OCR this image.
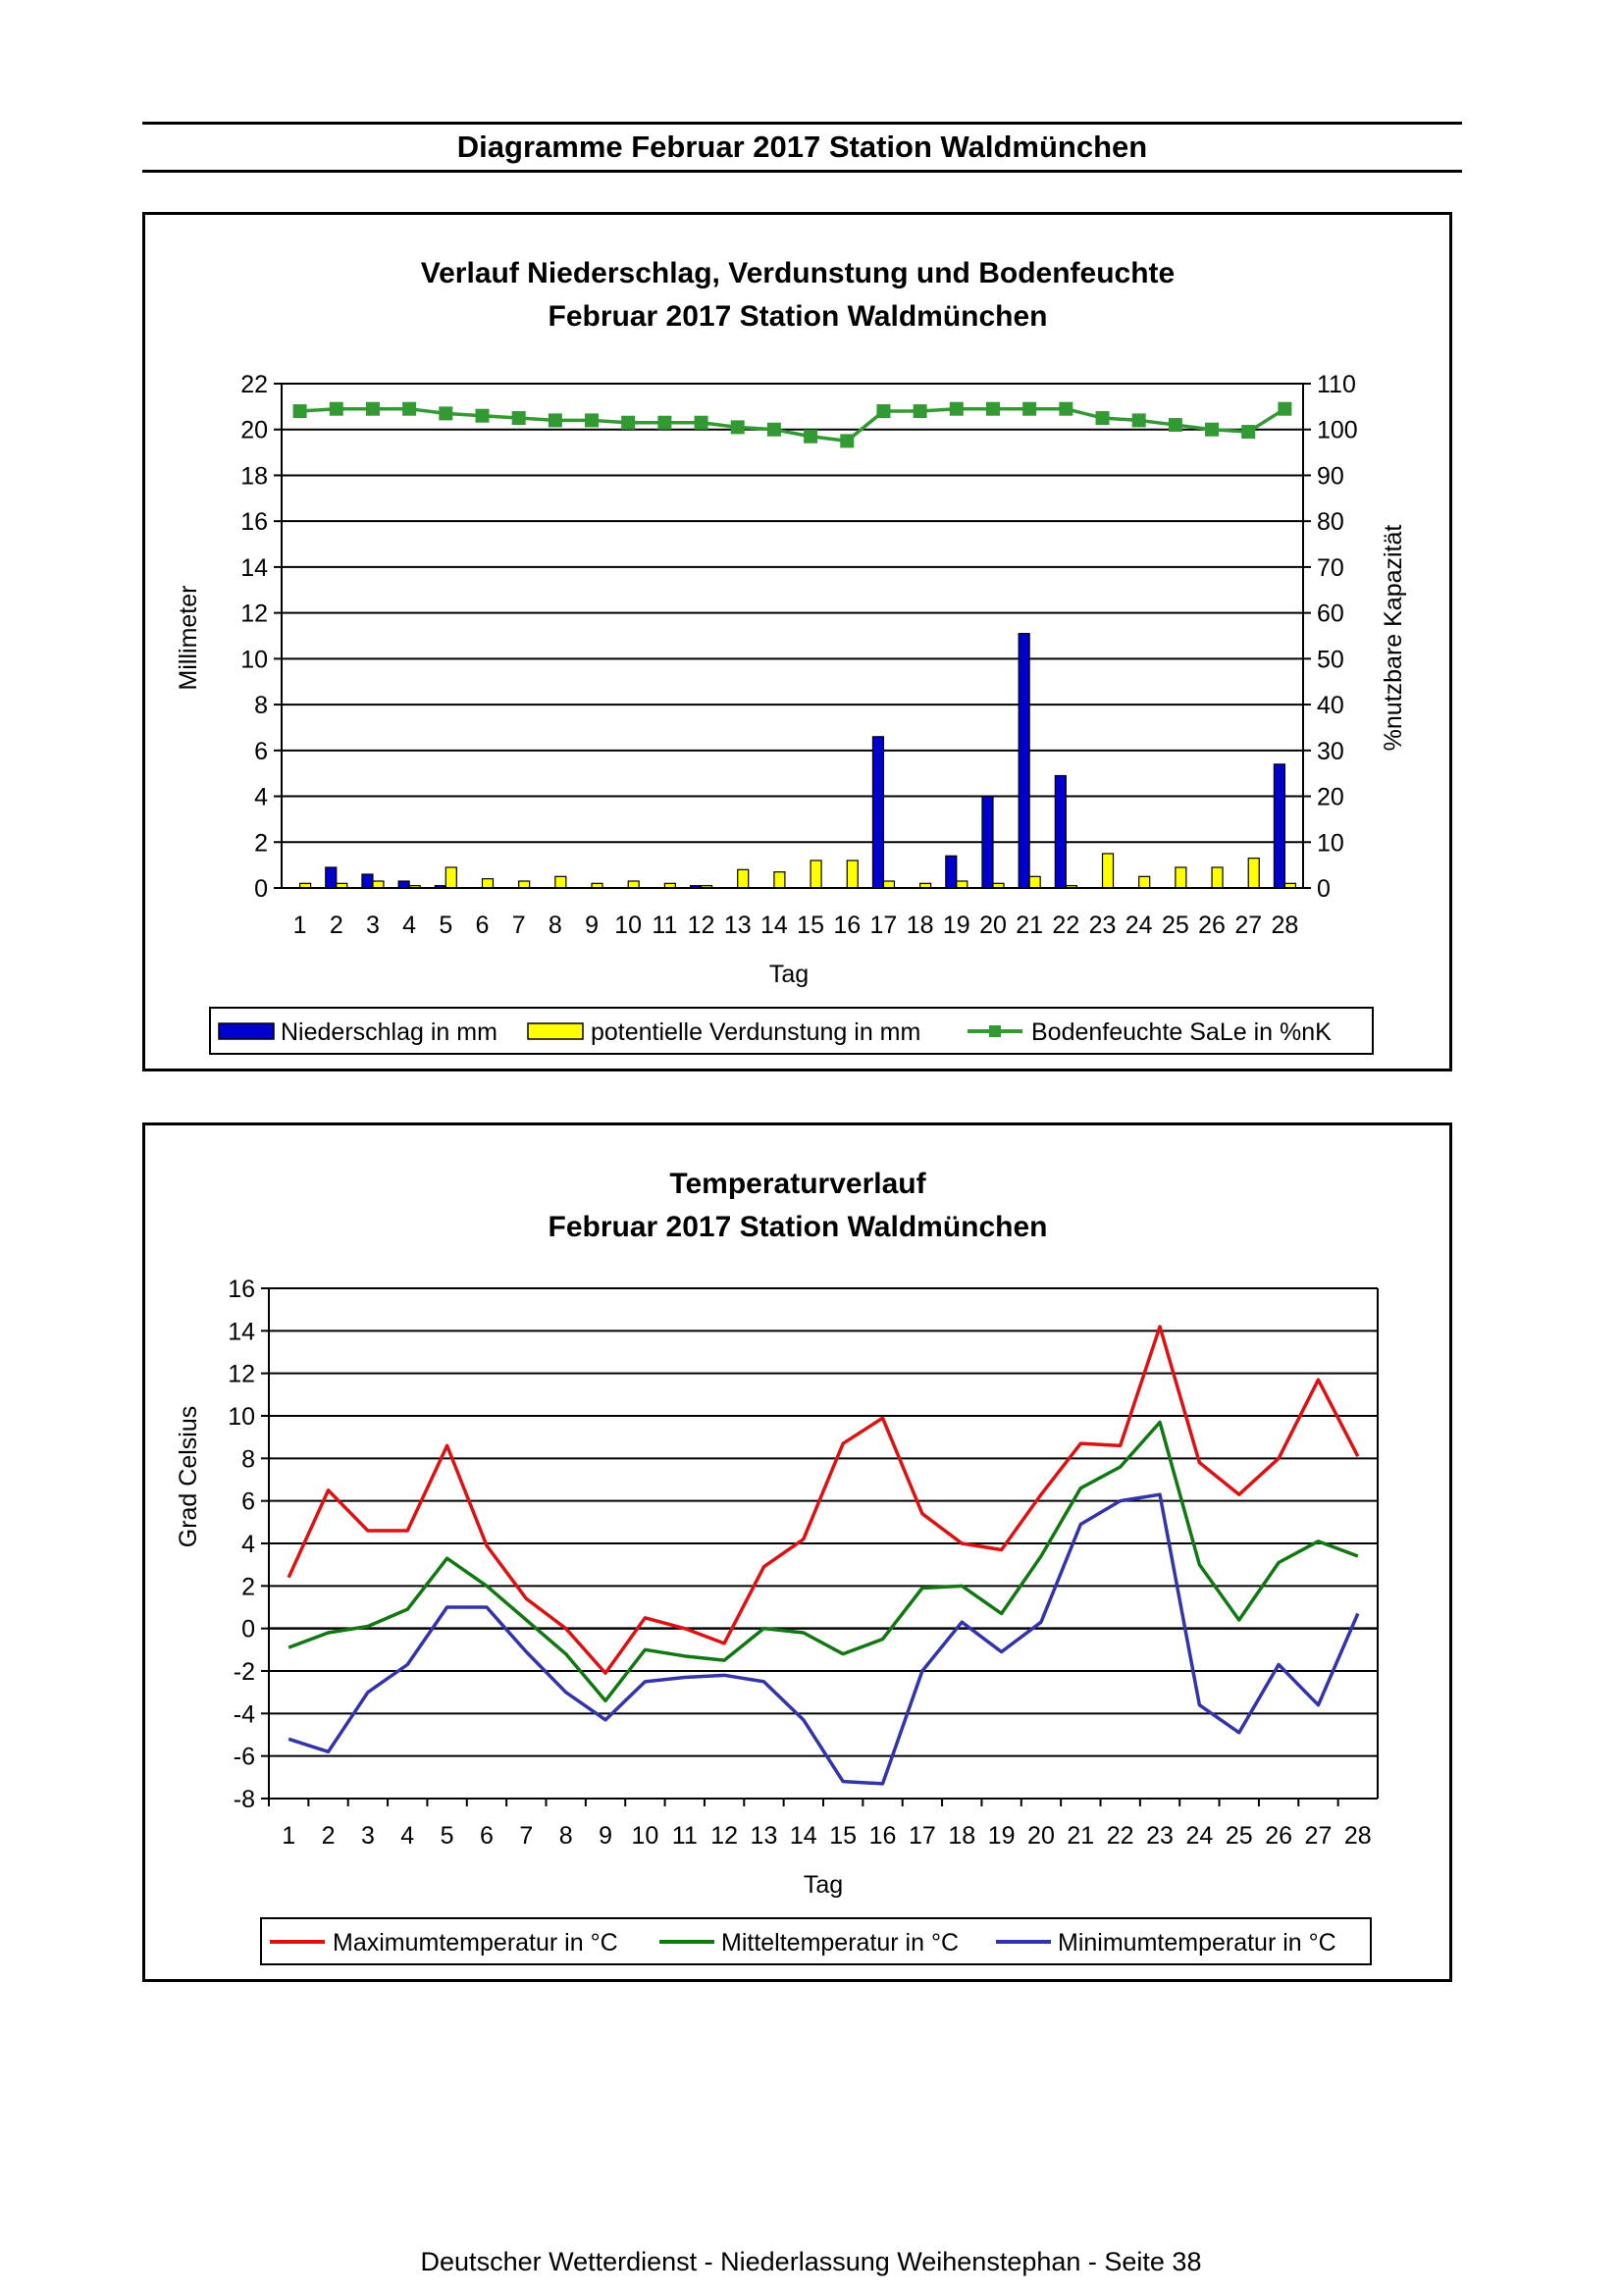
Diagramme Februar 2017 Station Waldmünchen
Verlauf Niederschlag, Verdunstung und Bodenfeuchte
Februar 2017 Station Waldmünchen
0	0
2	10
4	20
6	30
8	40
10	50
12	60
14	70
16	80
18	90
20	100
22	110
1 2 3 4 5 6 7 8 9 10 11 12 13 14 15 16 17 18 19 20 21 22 23 24 25 26 27 28
Tag
Millimeter	%nutzbare Kapazität
Niederschlag in mm	potentielle Verdunstung in mm	Bodenfeuchte SaLe in %nK
Temperaturverlauf
Februar 2017 Station Waldmünchen
-8
-6
-4
-2
0
2
4
6
8
10
12
14
16
1 2 3 4 5 6 7 8 9 10 11 12 13 14 15 16 17 18 19 20 21 22 23 24 25 26 27 28
Tag
Grad Celsius
Maximumtemperatur in °C	Mitteltemperatur in °C	Minimumtemperatur in °C
Deutscher Wetterdienst - Niederlassung Weihenstephan - Seite 38
